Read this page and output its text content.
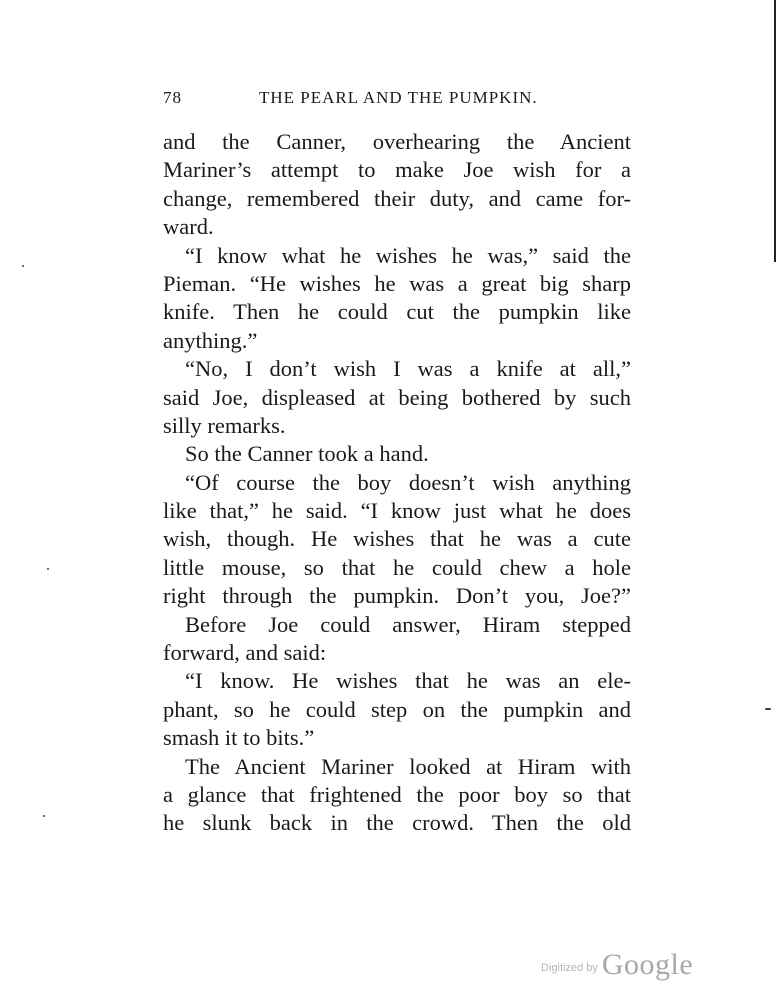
78	THE PEARL AND THE PUMPKIN.
and the Canner, overhearing the Ancient
Mariner’s attempt to make Joe wish for a
change, remembered their duty, and came for-
ward.
“I know what he wishes he was,” said the
Pieman. “He wishes he was a great big sharp
knife. Then he could cut the pumpkin like
anything.”
“No, I don’t wish I was a knife at all,”
said Joe, displeased at being bothered by such
silly remarks.
So the Canner took a hand.
“Of course the boy doesn’t wish anything
like that,” he said. “I know just what he does
wish, though. He wishes that he was a cute
little mouse, so that he could chew a hole
right through the pumpkin. Don’t you, Joe?”
Before Joe could answer, Hiram stepped
forward, and said:
“I know. He wishes that he was an ele-
phant, so he could step on the pumpkin and
smash it to bits.”
The Ancient Mariner looked at Hiram with
a glance that frightened the poor boy so that
he slunk back in the crowd. Then the old
Digitized by Google
